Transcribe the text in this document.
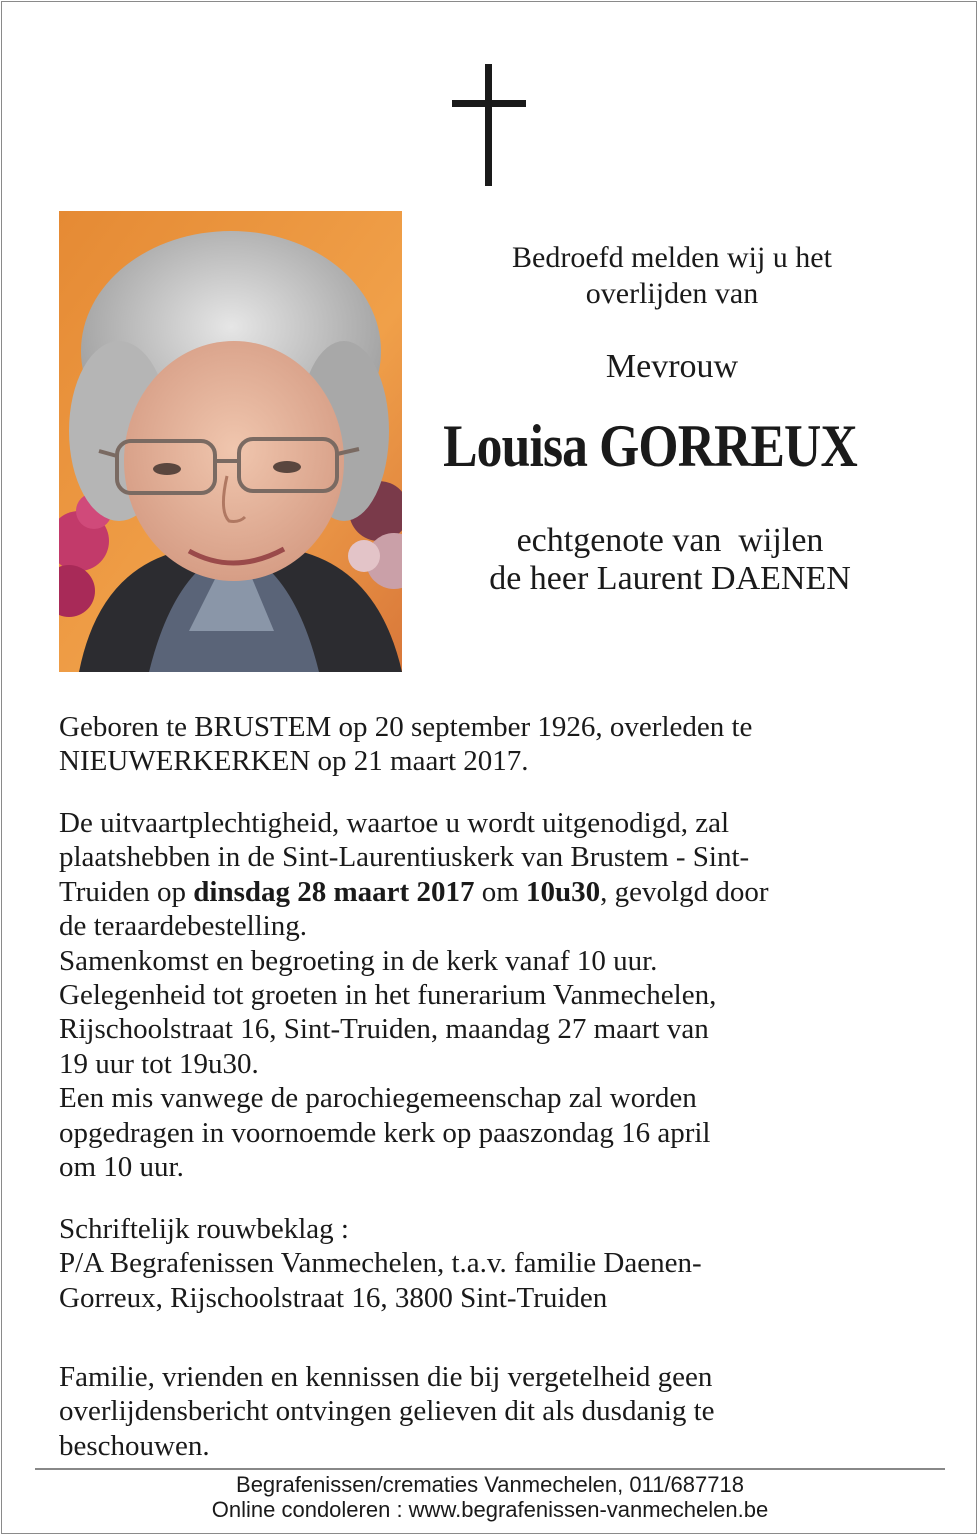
Bedroefd melden wij u het
overlijden van
Mevrouw
Louisa GORREUX
echtgenote van  wijlen
de heer Laurent DAENEN

Geboren te BRUSTEM op 20 september 1926, overleden te

NIEUWERKERKEN op 21 maart 2017.

De uitvaartplechtigheid, waartoe u wordt uitgenodigd, zal

plaatshebben in de Sint-Laurentiuskerk van Brustem - Sint-

Truiden op dinsdag 28 maart 2017 om 10u30, gevolgd door

de teraardebestelling.

Samenkomst en begroeting in de kerk vanaf 10 uur.

Gelegenheid tot groeten in het funerarium Vanmechelen,

Rijschoolstraat 16, Sint-Truiden, maandag 27 maart van

19 uur tot 19u30.

Een mis vanwege de parochiegemeenschap zal worden

opgedragen in voornoemde kerk op paaszondag 16 april

om 10 uur.

Schriftelijk rouwbeklag :

P/A Begrafenissen Vanmechelen, t.a.v. familie Daenen-

Gorreux, Rijschoolstraat 16, 3800 Sint-Truiden

Familie, vrienden en kennissen die bij vergetelheid geen

overlijdensbericht ontvingen gelieven dit als dusdanig te

beschouwen.

Begrafenissen/crematies Vanmechelen, 011/687718
Online condoleren : www.begrafenissen-vanmechelen.be
